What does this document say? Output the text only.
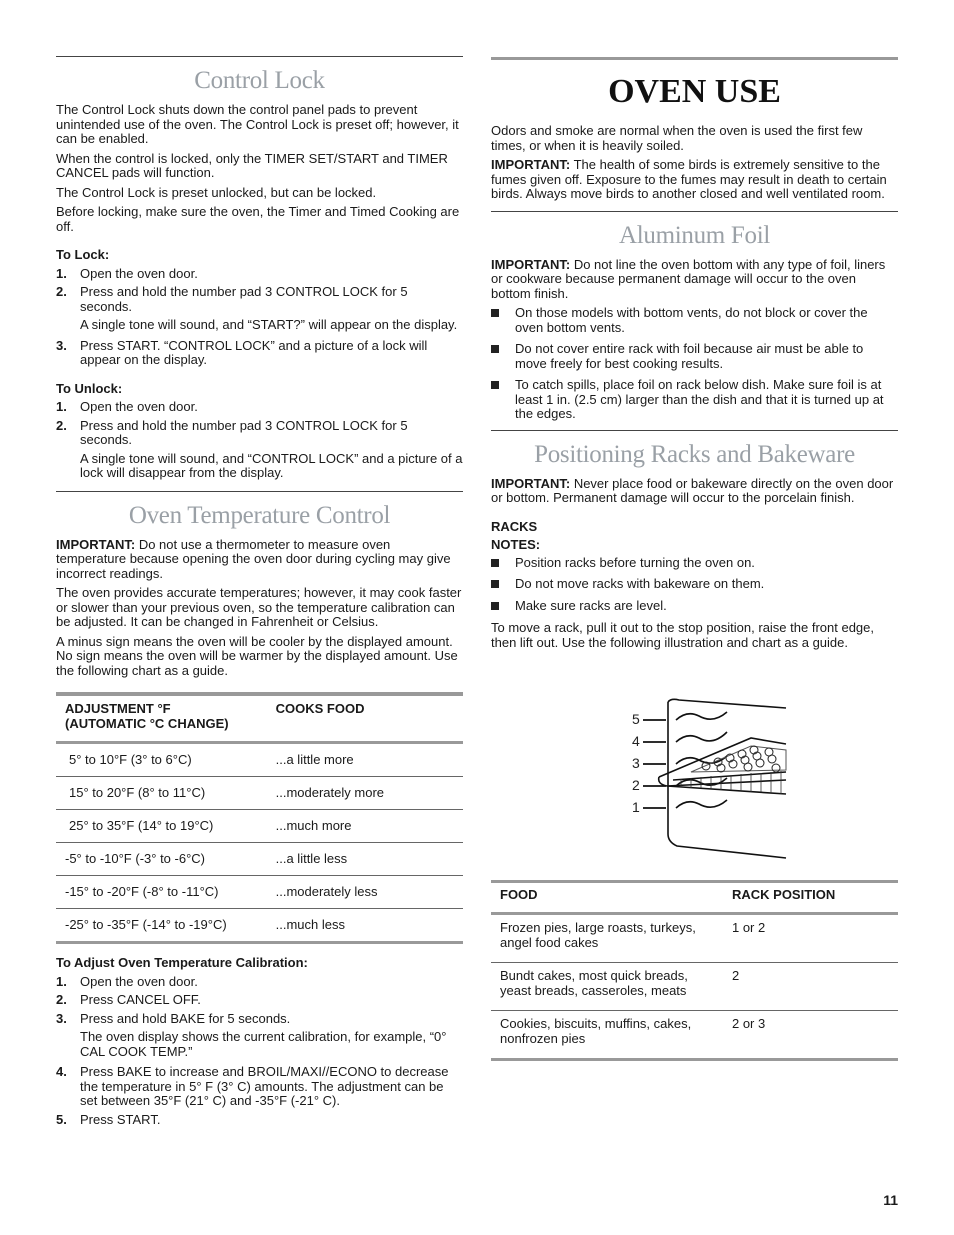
Control Lock

The Control Lock shuts down the control panel pads to prevent unintended use of the oven. The Control Lock is preset off; however, it can be enabled.

When the control is locked, only the TIMER SET/START and TIMER CANCEL pads will function.

The Control Lock is preset unlocked, but can be locked.

Before locking, make sure the oven, the Timer and Timed Cooking are off.

To Lock:
1. Open the oven door.
2. Press and hold the number pad 3 CONTROL LOCK for 5 seconds.

A single tone will sound, and “START?” will appear on the display.

3. Press START. “CONTROL LOCK” and a picture of a lock will appear on the display.
To Unlock:
1. Open the oven door.
2. Press and hold the number pad 3 CONTROL LOCK for 5 seconds.

A single tone will sound, and “CONTROL LOCK” and a picture of a lock will disappear from the display.

Oven Temperature Control

IMPORTANT: Do not use a thermometer to measure oven temperature because opening the oven door during cycling may give incorrect readings.

The oven provides accurate temperatures; however, it may cook faster or slower than your previous oven, so the temperature calibration can be adjusted. It can be changed in Fahrenheit or Celsius.

A minus sign means the oven will be cooler by the displayed amount. No sign means the oven will be warmer by the displayed amount. Use the following chart as a guide.

ADJUSTMENT °F
(AUTOMATIC °C CHANGE)	COOKS FOOD
5° to 10°F (3° to 6°C)	...a little more
15° to 20°F (8° to 11°C)	...moderately more
25° to 35°F (14° to 19°C)	...much more
-5° to -10°F (-3° to -6°C)	...a little less
-15° to -20°F (-8° to -11°C)	...moderately less
-25° to -35°F (-14° to -19°C)	...much less
To Adjust Oven Temperature Calibration:
1. Open the oven door.
2. Press CANCEL OFF.
3. Press and hold BAKE for 5 seconds.

The oven display shows the current calibration, for example, “0° CAL COOK TEMP.”

4. Press BAKE to increase and BROIL/MAXI//ECONO to decrease the temperature in 5° F (3° C) amounts. The adjustment can be set between 35°F (21° C) and -35°F (-21° C).
5. Press START.
OVEN USE

Odors and smoke are normal when the oven is used the first few times, or when it is heavily soiled.

IMPORTANT: The health of some birds is extremely sensitive to the fumes given off. Exposure to the fumes may result in death to certain birds. Always move birds to another closed and well ventilated room.

Aluminum Foil

IMPORTANT: Do not line the oven bottom with any type of foil, liners or cookware because permanent damage will occur to the oven bottom finish.

On those models with bottom vents, do not block or cover the oven bottom vents.
Do not cover entire rack with foil because air must be able to move freely for best cooking results.
To catch spills, place foil on rack below dish. Make sure foil is at least 1 in. (2.5 cm) larger than the dish and that it is turned up at the edges.
Positioning Racks and Bakeware

IMPORTANT: Never place food or bakeware directly on the oven door or bottom. Permanent damage will occur to the porcelain finish.

RACKS
NOTES:
Position racks before turning the oven on.
Do not move racks with bakeware on them.
Make sure racks are level.

To move a rack, pull it out to the stop position, raise the front edge, then lift out. Use the following illustration and chart as a guide.

5
4
3
2
1
FOOD	RACK POSITION
Frozen pies, large roasts, turkeys, angel food cakes	1 or 2
Bundt cakes, most quick breads, yeast breads, casseroles, meats	2
Cookies, biscuits, muffins, cakes, nonfrozen pies	2 or 3
11
